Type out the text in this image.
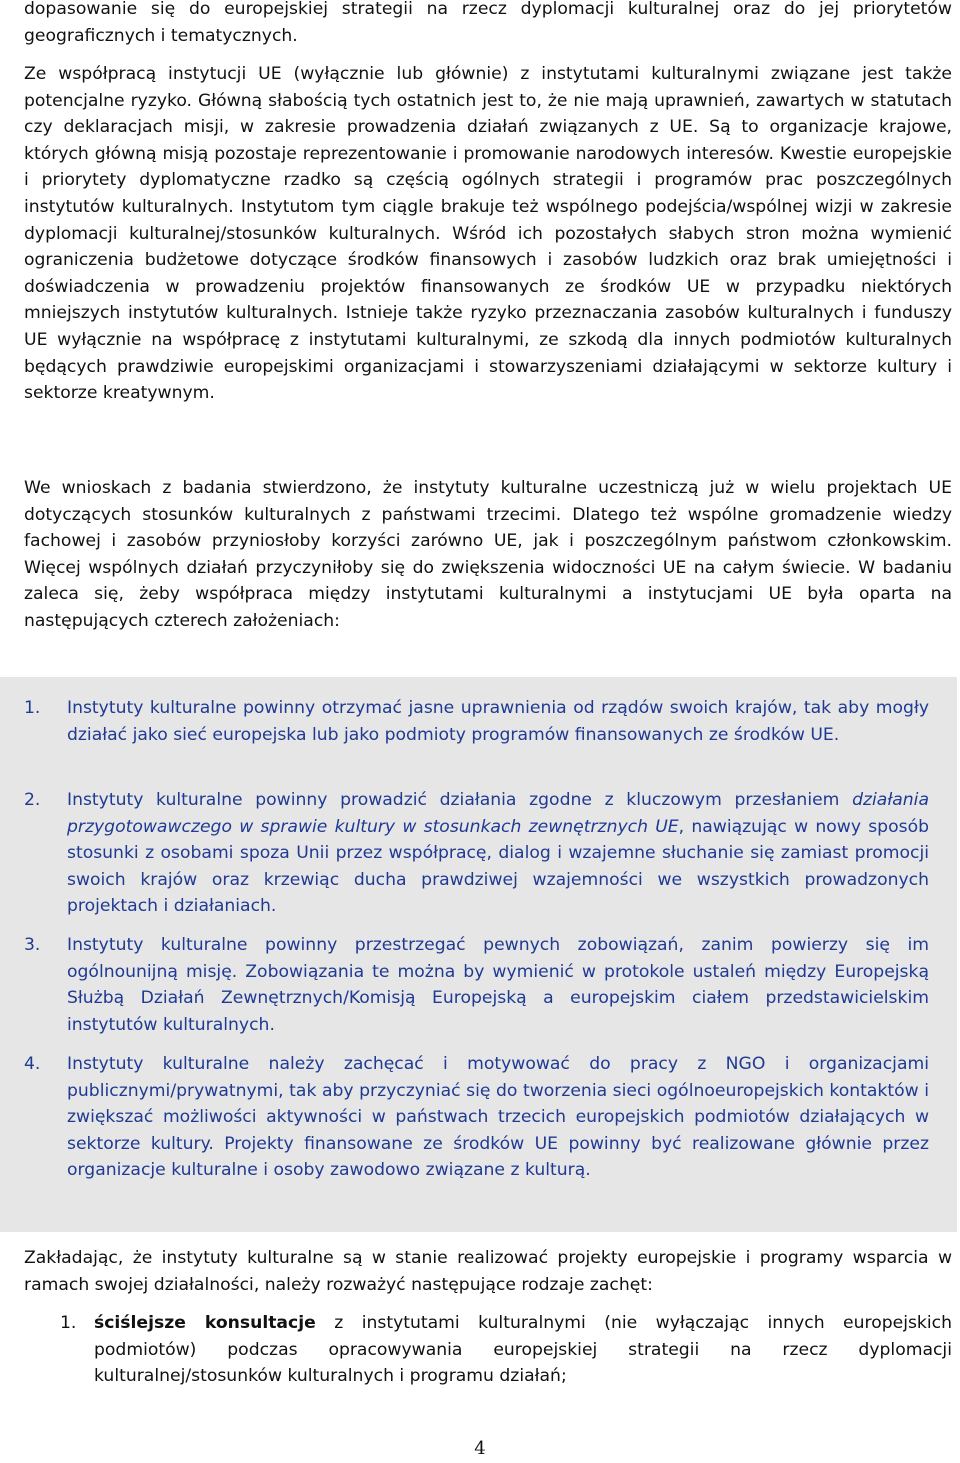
dopasowanie się do europejskiej strategii na rzecz dyplomacji kulturalnej oraz do jej priorytetów geograficznych i tematycznych.

Ze współpracą instytucji UE (wyłącznie lub głównie) z instytutami kulturalnymi związane jest także potencjalne ryzyko. Główną słabością tych ostatnich jest to, że nie mają uprawnień, zawartych w statutach czy deklaracjach misji, w zakresie prowadzenia działań związanych z UE. Są to organizacje krajowe, których główną misją pozostaje reprezentowanie i promowanie narodowych interesów. Kwestie europejskie i priorytety dyplomatyczne rzadko są częścią ogólnych strategii i programów prac poszczególnych instytutów kulturalnych. Instytutom tym ciągle brakuje też wspólnego podejścia/wspólnej wizji w zakresie dyplomacji kulturalnej/stosunków kulturalnych. Wśród ich pozostałych słabych stron można wymienić ograniczenia budżetowe dotyczące środków finansowych i zasobów ludzkich oraz brak umiejętności i doświadczenia w prowadzeniu projektów finansowanych ze środków UE w przypadku niektórych mniejszych instytutów kulturalnych. Istnieje także ryzyko przeznaczania zasobów kulturalnych i funduszy UE wyłącznie na współpracę z instytutami kulturalnymi, ze szkodą dla innych podmiotów kulturalnych będących prawdziwie europejskimi organizacjami i stowarzyszeniami działającymi w sektorze kultury i sektorze kreatywnym.

We wnioskach z badania stwierdzono, że instytuty kulturalne uczestniczą już w wielu projektach UE dotyczących stosunków kulturalnych z państwami trzecimi. Dlatego też wspólne gromadzenie wiedzy fachowej i zasobów przyniosłoby korzyści zarówno UE, jak i poszczególnym państwom członkowskim. Więcej wspólnych działań przyczyniłoby się do zwiększenia widoczności UE na całym świecie. W badaniu zaleca się, żeby współpraca między instytutami kulturalnymi a instytucjami UE była oparta na następujących czterech założeniach:

1.	Instytuty kulturalne powinny otrzymać jasne uprawnienia od rządów swoich krajów, tak aby mogły działać jako sieć europejska lub jako podmioty programów finansowanych ze środków UE.
2.	Instytuty kulturalne powinny prowadzić działania zgodne z kluczowym przesłaniem działania przygotowawczego w sprawie kultury w stosunkach zewnętrznych UE, nawiązując w nowy sposób stosunki z osobami spoza Unii przez współpracę, dialog i wzajemne słuchanie się zamiast promocji swoich krajów oraz krzewiąc ducha prawdziwej wzajemności we wszystkich prowadzonych projektach i działaniach.
3.	Instytuty kulturalne powinny przestrzegać pewnych zobowiązań, zanim powierzy się im ogólnounijną misję. Zobowiązania te można by wymienić w protokole ustaleń między Europejską Służbą Działań Zewnętrznych/Komisją Europejską a europejskim ciałem przedstawicielskim instytutów kulturalnych.
4.	Instytuty kulturalne należy zachęcać i motywować do pracy z NGO i organizacjami publicznymi/prywatnymi, tak aby przyczyniać się do tworzenia sieci ogólnoeuropejskich kontaktów i zwiększać możliwości aktywności w państwach trzecich europejskich podmiotów działających w sektorze kultury. Projekty finansowane ze środków UE powinny być realizowane głównie przez organizacje kulturalne i osoby zawodowo związane z kulturą.

Zakładając, że instytuty kulturalne są w stanie realizować projekty europejskie i programy wsparcia w ramach swojej działalności, należy rozważyć następujące rodzaje zachęt:

1. ściślejsze konsultacje z instytutami kulturalnymi (nie wyłączając innych europejskich podmiotów) podczas opracowywania europejskiej strategii na rzecz dyplomacji kulturalnej/stosunków kulturalnych i programu działań;
4
